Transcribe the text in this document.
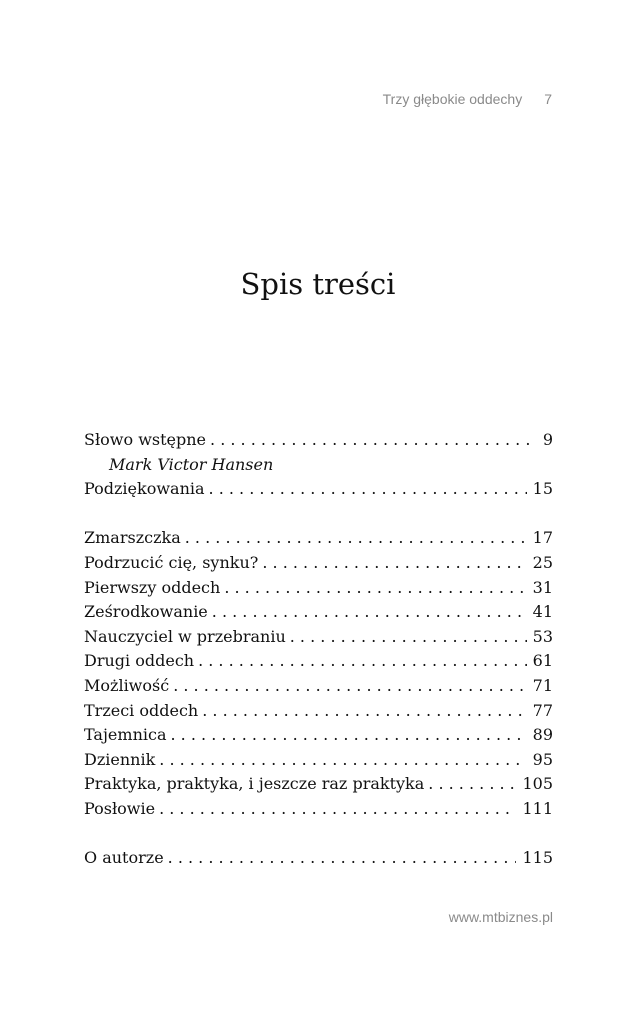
Trzy głębokie oddechy 7
Spis treści
Słowo wstępne . . .	9
Mark Victor Hansen
Podziękowania . . .	15
Zmarszczka . . .	17
Podrzucić cię, synku? . . .	25
Pierwszy oddech . . .	31
Ześrodkowanie . . .	41
Nauczyciel w przebraniu . . .	53
Drugi oddech . . .	61
Możliwość . . .	71
Trzeci oddech . . .	77
Tajemnica . . .	89
Dziennik . . .	95
Praktyka, praktyka, i jeszcze raz praktyka . . .	105
Posłowie . . .	111
O autorze . . .	115
www.mtbiznes.pl
